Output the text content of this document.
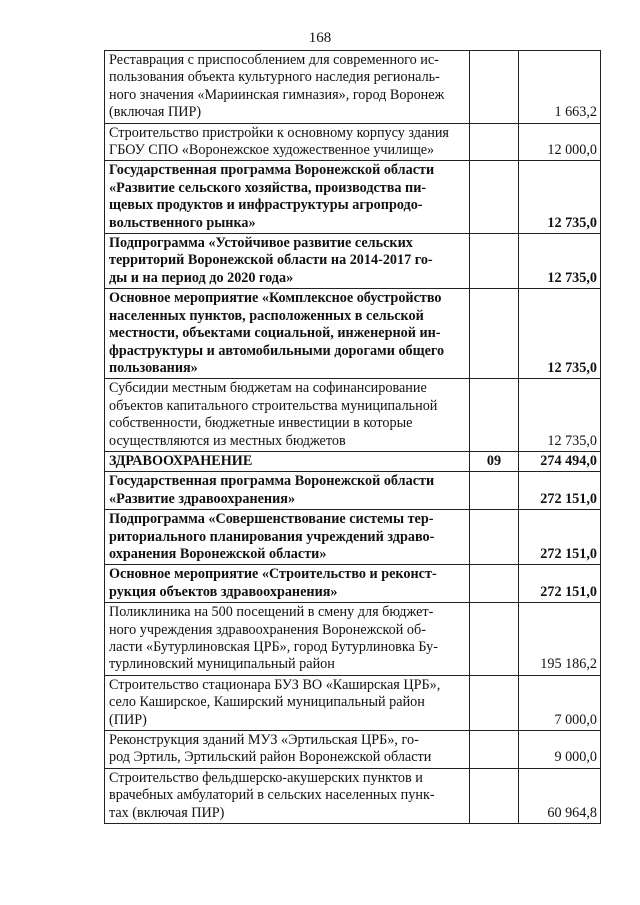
168
Реставрация с приспособлением для современного ис-
пользования объекта культурного наследия региональ-
ного значения «Мариинская гимназия», город Воронеж
(включая ПИР)		1 663,2
Строительство пристройки к основному корпусу здания
ГБОУ СПО «Воронежское художественное училище»		12 000,0
Государственная программа Воронежской области
«Развитие сельского хозяйства, производства пи-
щевых продуктов и инфраструктуры агропродо-
вольственного рынка»		12 735,0
Подпрограмма «Устойчивое развитие сельских
территорий Воронежской области на 2014-2017 го-
ды и на период до 2020 года»		12 735,0
Основное мероприятие «Комплексное обустройство
населенных пунктов, расположенных в сельской
местности, объектами социальной, инженерной ин-
фраструктуры и автомобильными дорогами общего
пользования»		12 735,0
Субсидии местным бюджетам на софинансирование
объектов капитального строительства муниципальной
собственности, бюджетные инвестиции в которые
осуществляются из местных бюджетов		12 735,0
ЗДРАВООХРАНЕНИЕ	09	274 494,0
Государственная программа Воронежской области
«Развитие здравоохранения»		272 151,0
Подпрограмма «Совершенствование системы тер-
риториального планирования учреждений здраво-
охранения Воронежской области»		272 151,0
Основное мероприятие «Строительство и реконст-
рукция объектов здравоохранения»		272 151,0
Поликлиника на 500 посещений в смену для бюджет-
ного учреждения здравоохранения Воронежской об-
ласти «Бутурлиновская ЦРБ», город Бутурлиновка Бу-
турлиновский муниципальный район		195 186,2
Строительство стационара БУЗ ВО «Каширская ЦРБ»,
село Каширское, Каширский муниципальный район
(ПИР)		7 000,0
Реконструкция зданий МУЗ «Эртильская ЦРБ», го-
род Эртиль, Эртильский район Воронежской области		9 000,0
Строительство фельдшерско-акушерских пунктов и
врачебных амбулаторий в сельских населенных пунк-
тах (включая ПИР)		60 964,8
